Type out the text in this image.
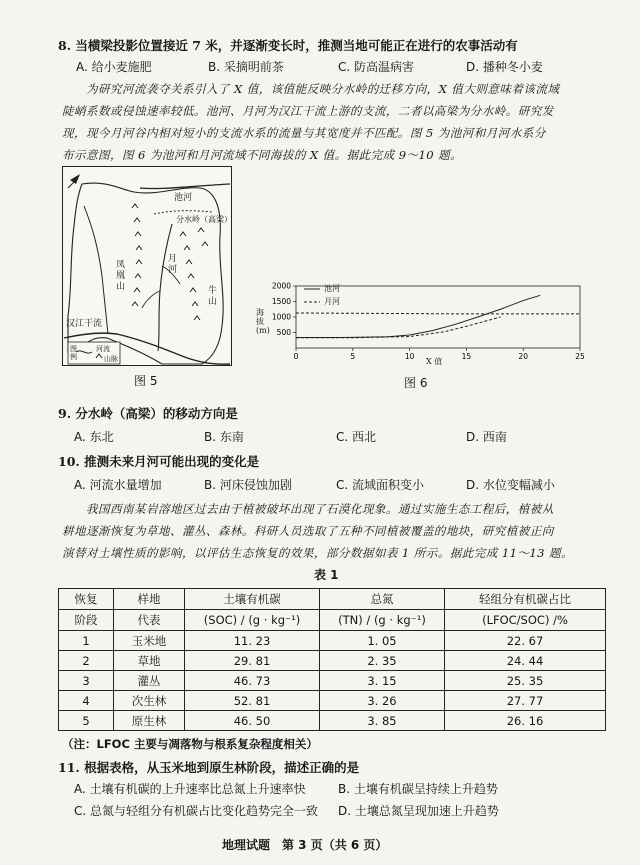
8. 当横梁投影位置接近 7 米，并逐渐变长时，推测当地可能正在进行的农事活动有
A. 给小麦施肥	B. 采摘明前茶	C. 防高温病害	D. 播种冬小麦
为研究河流袭夺关系引入了 X 值，该值能反映分水岭的迁移方向，X 值大则意味着该流域
陡峭系数或侵蚀速率较低。池河、月河为汉江干流上游的支流，二者以高梁为分水岭。研究发
现，现今月河谷内相对短小的支流水系的流量与其宽度并不匹配。图 5 为池河和月河水系分
布示意图，图 6 为池河和月河流域不同海拔的 X 值。据此完成 9～10 题。
池河
分水岭（高梁）
月河
凤凰山	牛山
汉江干流
图例
河流
山脉
图 5
0	5	10	15	20	25
500
1000
1500
2000
海拔(m)
X 值
池河
月河
图 6
9. 分水岭（高梁）的移动方向是
A. 东北	B. 东南	C. 西北	D. 西南
10. 推测未来月河可能出现的变化是
A. 河流水量增加	B. 河床侵蚀加剧	C. 流域面积变小	D. 水位变幅减小
我国西南某岩溶地区过去由于植被破坏出现了石漠化现象。通过实施生态工程后，植被从
耕地逐渐恢复为草地、灌丛、森林。科研人员选取了五种不同植被覆盖的地块，研究植被正向
演替对土壤性质的影响，以评估生态恢复的效果，部分数据如表 1 所示。据此完成 11～13 题。
表 1
恢复	样地	土壤有机碳	总氮	轻组分有机碳占比
阶段	代表	(SOC) / (g · kg⁻¹)	(TN) / (g · kg⁻¹)	(LFOC/SOC) /%
1	玉米地	11. 23	1. 05	22. 67
2	草地	29. 81	2. 35	24. 44
3	灌丛	46. 73	3. 15	25. 35
4	次生林	52. 81	3. 26	27. 77
5	原生林	46. 50	3. 85	26. 16
（注：LFOC 主要与凋落物与根系复杂程度相关）
11. 根据表格，从玉米地到原生林阶段，描述正确的是
A. 土壤有机碳的上升速率比总氮上升速率快	B. 土壤有机碳呈持续上升趋势
C. 总氮与轻组分有机碳占比变化趋势完全一致 D. 土壤总氮呈现加速上升趋势
地理试题　第 3 页（共 6 页）
